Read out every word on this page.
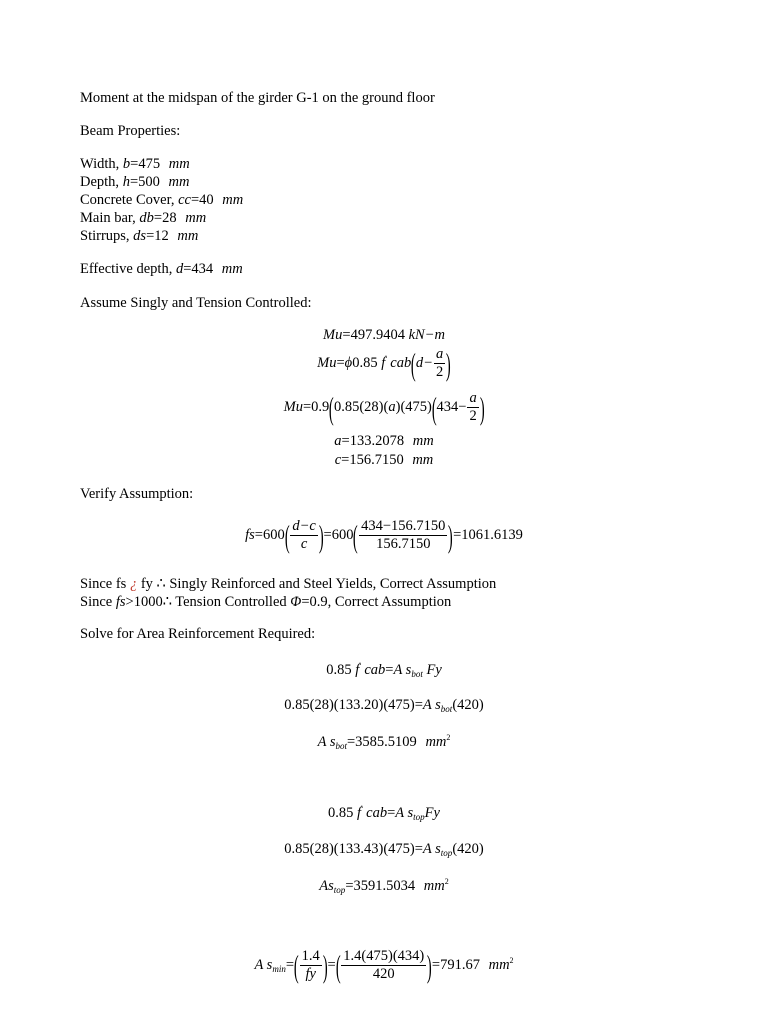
Moment at the midspan of the girder G-1 on the ground floor
Beam Properties:
Width, b=475 mm
Depth, h=500 mm
Concrete Cover, cc=40 mm
Main bar, db=28 mm
Stirrups, ds=12 mm
Effective depth, d=434 mm
Assume Singly and Tension Controlled:
Mu=497.9404 kN−m
Mu=ϕ0.85 f' $cab(d- \frac{a}{2}$ )
$Mu=0.9(0.85(28)(a)(475)(434- \frac{a}{2}$ )
a=133.2078 mm
c=156.7150 mm
Verify Assumption:
$fs=600( \frac{d-c}{c} )=600( \frac{434-156.7150}{156.7150} )=1061.6139$
Since fs ¿ fy ∴ Singly Reinforced and Steel Yields, Correct Assumption
Since fs>1000∴ Tension Controlled Φ=0.9, Correct Assumption
Solve for Area Reinforcement Required:
0.85 f' cab=A $s_{bot}$ Fy
0.85(28)(133.20)(475)=A $s_{bot}(420)$
A $s_{bot}=3585.5109$ $mm^2$
0.85 f' cab=A $s_{top}Fy$
0.85(28)(133.43)(475)=A $s_{top}(420)$
$As_{top}=3591.5034$ $mm^2$
A $s_{min}=( \frac{1.4}{fy}$ )=( $\frac{1.4(475)(434)}{420} )=791.67$ $mm^2$
